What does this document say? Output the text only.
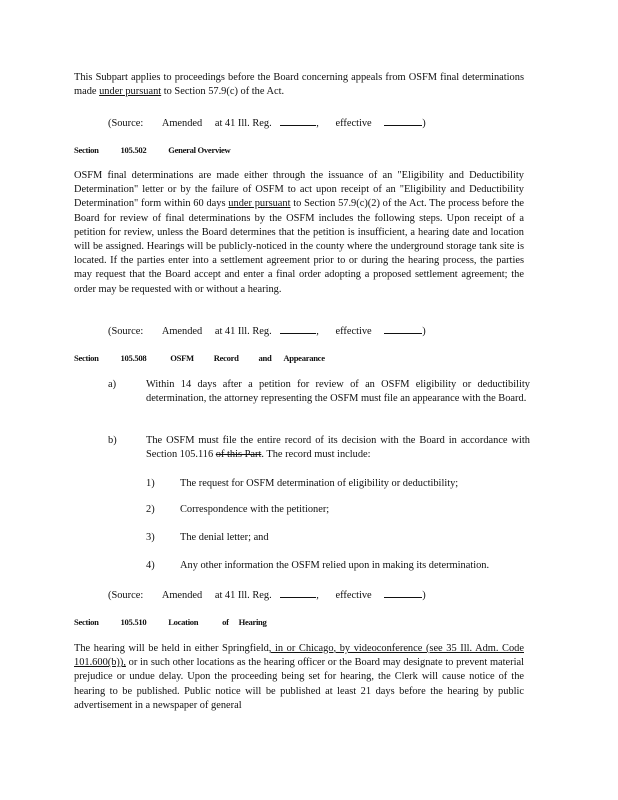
This Subpart applies to proceedings before the Board concerning appeals from OSFM final determinations made under pursuant to Section 57.9(c) of the Act.

(Source: Amended at 41 Ill. Reg.	, effective	)
Section	105.502	General Overview

OSFM final determinations are made either through the issuance of an "Eligibility and Deductibility Determination" letter or by the failure of OSFM to act upon receipt of an "Eligibility and Deductibility Determination" form within 60 days under pursuant to Section 57.9(c)(2) of the Act. The process before the Board for review of final determinations by the OSFM includes the following steps. Upon receipt of a petition for review, unless the Board determines that the petition is insufficient, a hearing date and location will be assigned. Hearings will be publicly-noticed in the county where the underground storage tank site is located. If the parties enter into a settlement agreement prior to or during the hearing process, the parties may request that the Board accept and enter a final order adopting a proposed settlement agreement; the order may be requested with or without a hearing.

(Source: Amended at 41 Ill. Reg.	, effective	)
Section	105.508	OSFM Record and Appearance
a)	Within 14 days after a petition for review of an OSFM eligibility or deductibility determination, the attorney representing the OSFM must file an appearance with the Board.

b)	The OSFM must file the entire record of its decision with the Board in accordance with Section 105.116 of this Part. The record must include:

1) The request for OSFM determination of eligibility or deductibility;
2) Correspondence with the petitioner;
3) The denial letter; and
4) Any other information the OSFM relied upon in making its determination.
(Source: Amended at 41 Ill. Reg.	, effective	)
Section	105.510	Location	of Hearing

The hearing will be held in either Springfield, in or Chicago, by videoconference (see 35 Ill. Adm. Code 101.600(b)), or in such other locations as the hearing officer or the Board may designate to prevent material prejudice or undue delay. Upon the proceeding being set for hearing, the Clerk will cause notice of the hearing to be published. Public notice will be published at least 21 days before the hearing by public advertisement in a newspaper of general
